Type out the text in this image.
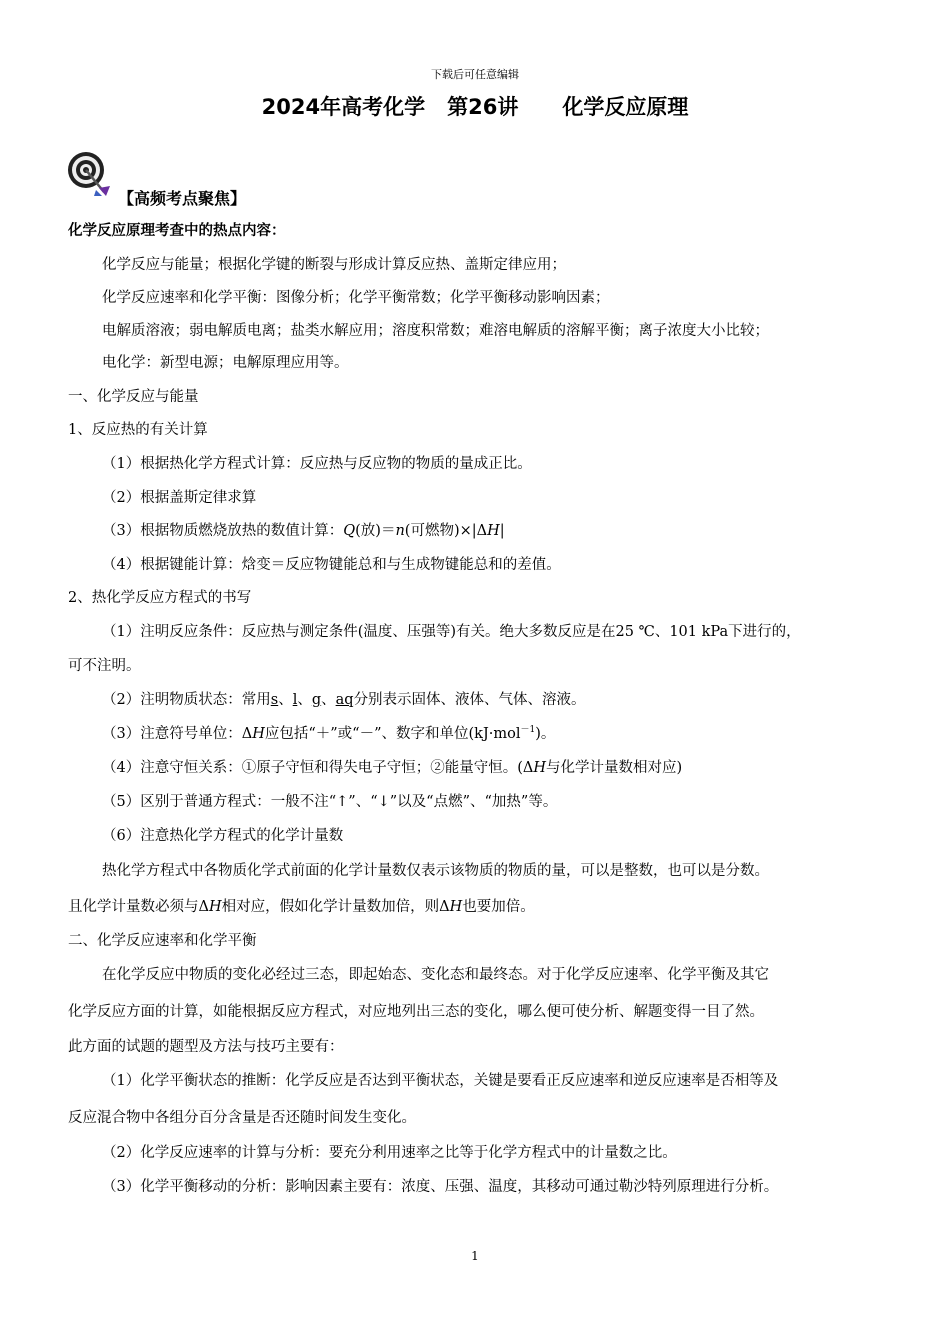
下载后可任意编辑
2024年高考化学 第26讲 化学反应原理
【高频考点聚焦】
化学反应原理考查中的热点内容：
化学反应与能量；根据化学键的断裂与形成计算反应热、盖斯定律应用；
化学反应速率和化学平衡：图像分析；化学平衡常数；化学平衡移动影响因素；
电解质溶液；弱电解质电离；盐类水解应用；溶度积常数；难溶电解质的溶解平衡；离子浓度大小比较；
电化学：新型电源；电解原理应用等。
一、化学反应与能量
1、反应热的有关计算
（1）根据热化学方程式计算：反应热与反应物的物质的量成正比。
（2）根据盖斯定律求算
（3）根据物质燃烧放热的数值计算：Q(放)＝n(可燃物)×|ΔH|
（4）根据键能计算：焓变＝反应物键能总和与生成物键能总和的差值。
2、热化学反应方程式的书写
（1）注明反应条件：反应热与测定条件(温度、压强等)有关。绝大多数反应是在25 ℃、101 kPa下进行的，
可不注明。
（2）注明物质状态：常用s、l、g、aq分别表示固体、液体、气体、溶液。
（3）注意符号单位：ΔH应包括“＋”或“－”、数字和单位(kJ·mol$^{-1}$)。
（4）注意守恒关系：①原子守恒和得失电子守恒；②能量守恒。(ΔH与化学计量数相对应)
（5）区别于普通方程式：一般不注“↑”、“↓”以及“点燃”、“加热”等。
（6）注意热化学方程式的化学计量数
热化学方程式中各物质化学式前面的化学计量数仅表示该物质的物质的量，可以是整数，也可以是分数。
且化学计量数必须与ΔH相对应，假如化学计量数加倍，则ΔH也要加倍。
二、化学反应速率和化学平衡
在化学反应中物质的变化必经过三态，即起始态、变化态和最终态。对于化学反应速率、化学平衡及其它
化学反应方面的计算，如能根据反应方程式，对应地列出三态的变化，哪么便可使分析、解题变得一目了然。
此方面的试题的题型及方法与技巧主要有：
（1）化学平衡状态的推断：化学反应是否达到平衡状态，关键是要看正反应速率和逆反应速率是否相等及
反应混合物中各组分百分含量是否还随时间发生变化。
（2）化学反应速率的计算与分析：要充分利用速率之比等于化学方程式中的计量数之比。
（3）化学平衡移动的分析：影响因素主要有：浓度、压强、温度，其移动可通过勒沙特列原理进行分析。
1
